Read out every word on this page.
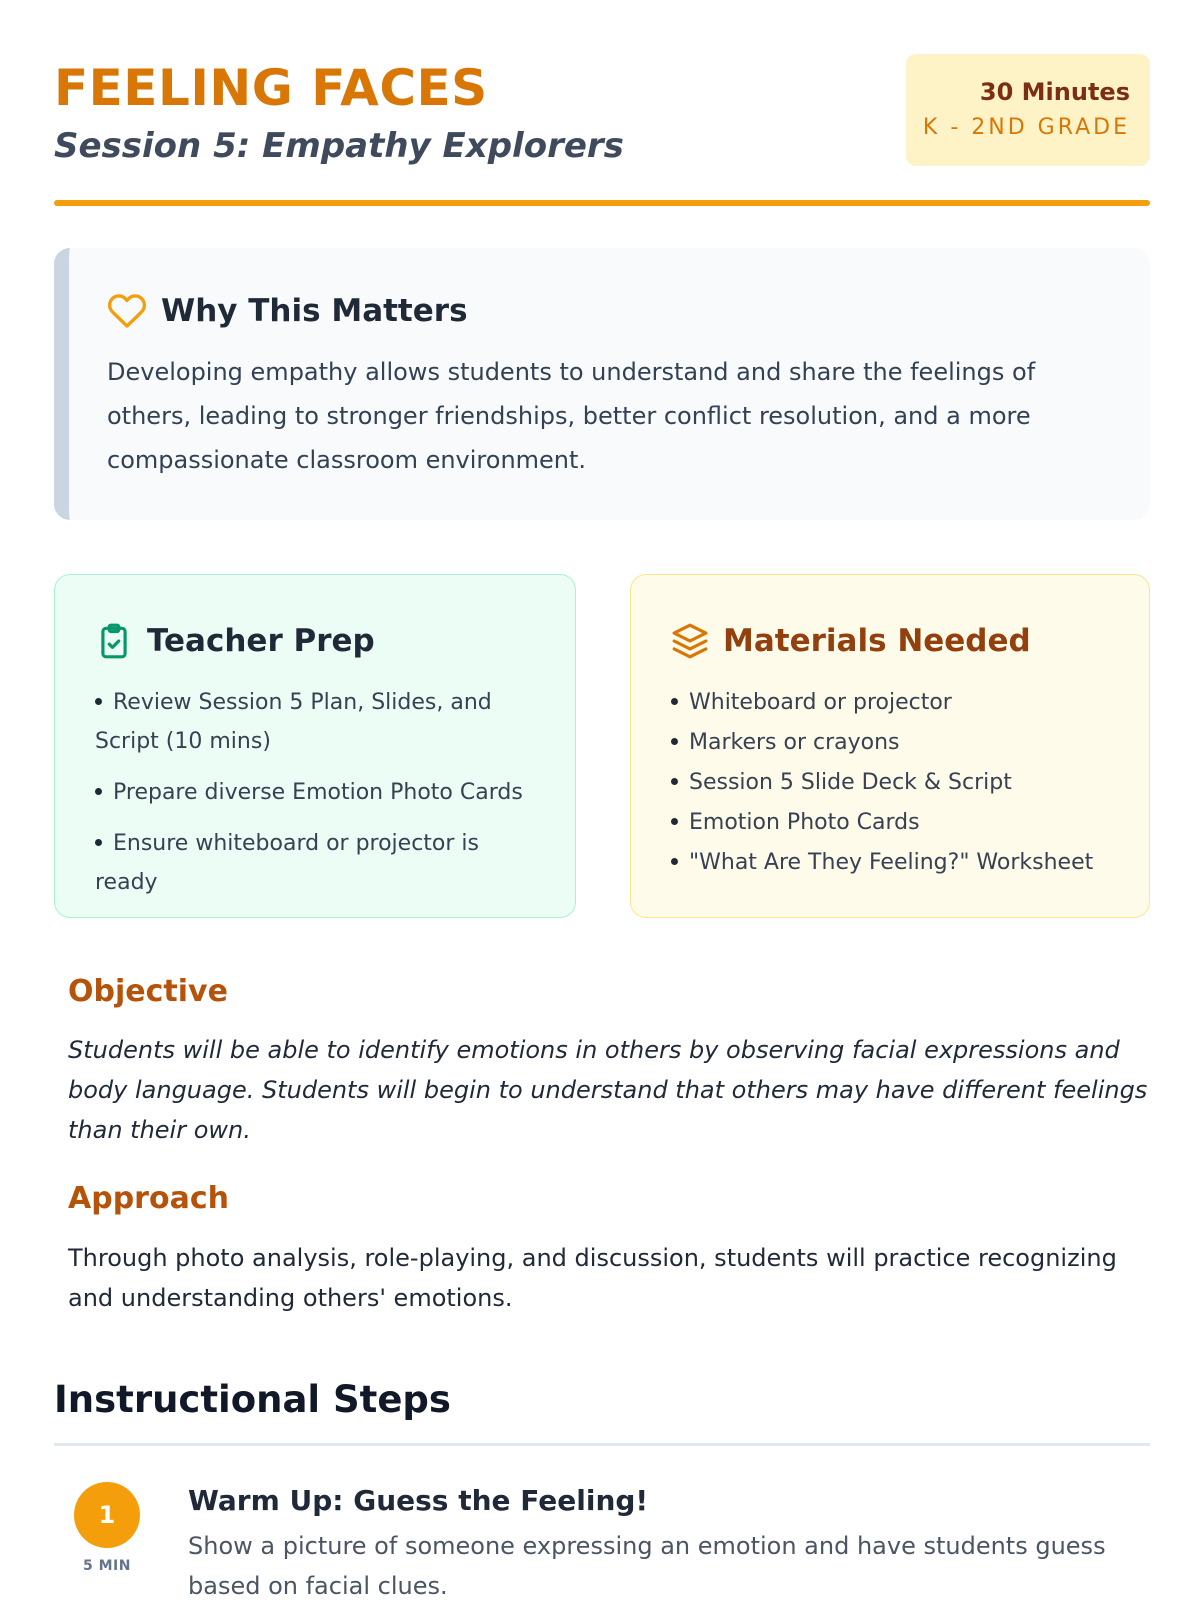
FEELING FACES
Session 5: Empathy Explorers
30 Minutes
K - 2ND GRADE
Why This Matters

Developing empathy allows students to understand and share the feelings of others, leading to stronger friendships, better conflict resolution, and a more compassionate classroom environment.

Teacher Prep
Review Session 5 Plan, Slides, and Script (10 mins)
Prepare diverse Emotion Photo Cards
Ensure whiteboard or projector is ready
Materials Needed
Whiteboard or projector
Markers or crayons
Session 5 Slide Deck & Script
Emotion Photo Cards
"What Are They Feeling?" Worksheet
Objective

Students will be able to identify emotions in others by observing facial expressions and body language. Students will begin to understand that others may have different feelings than their own.

Approach

Through photo analysis, role-playing, and discussion, students will practice recognizing and understanding others' emotions.

Instructional Steps
1
5 MIN
Warm Up: Guess the Feeling!

Show a picture of someone expressing an emotion and have students guess based on facial clues.
